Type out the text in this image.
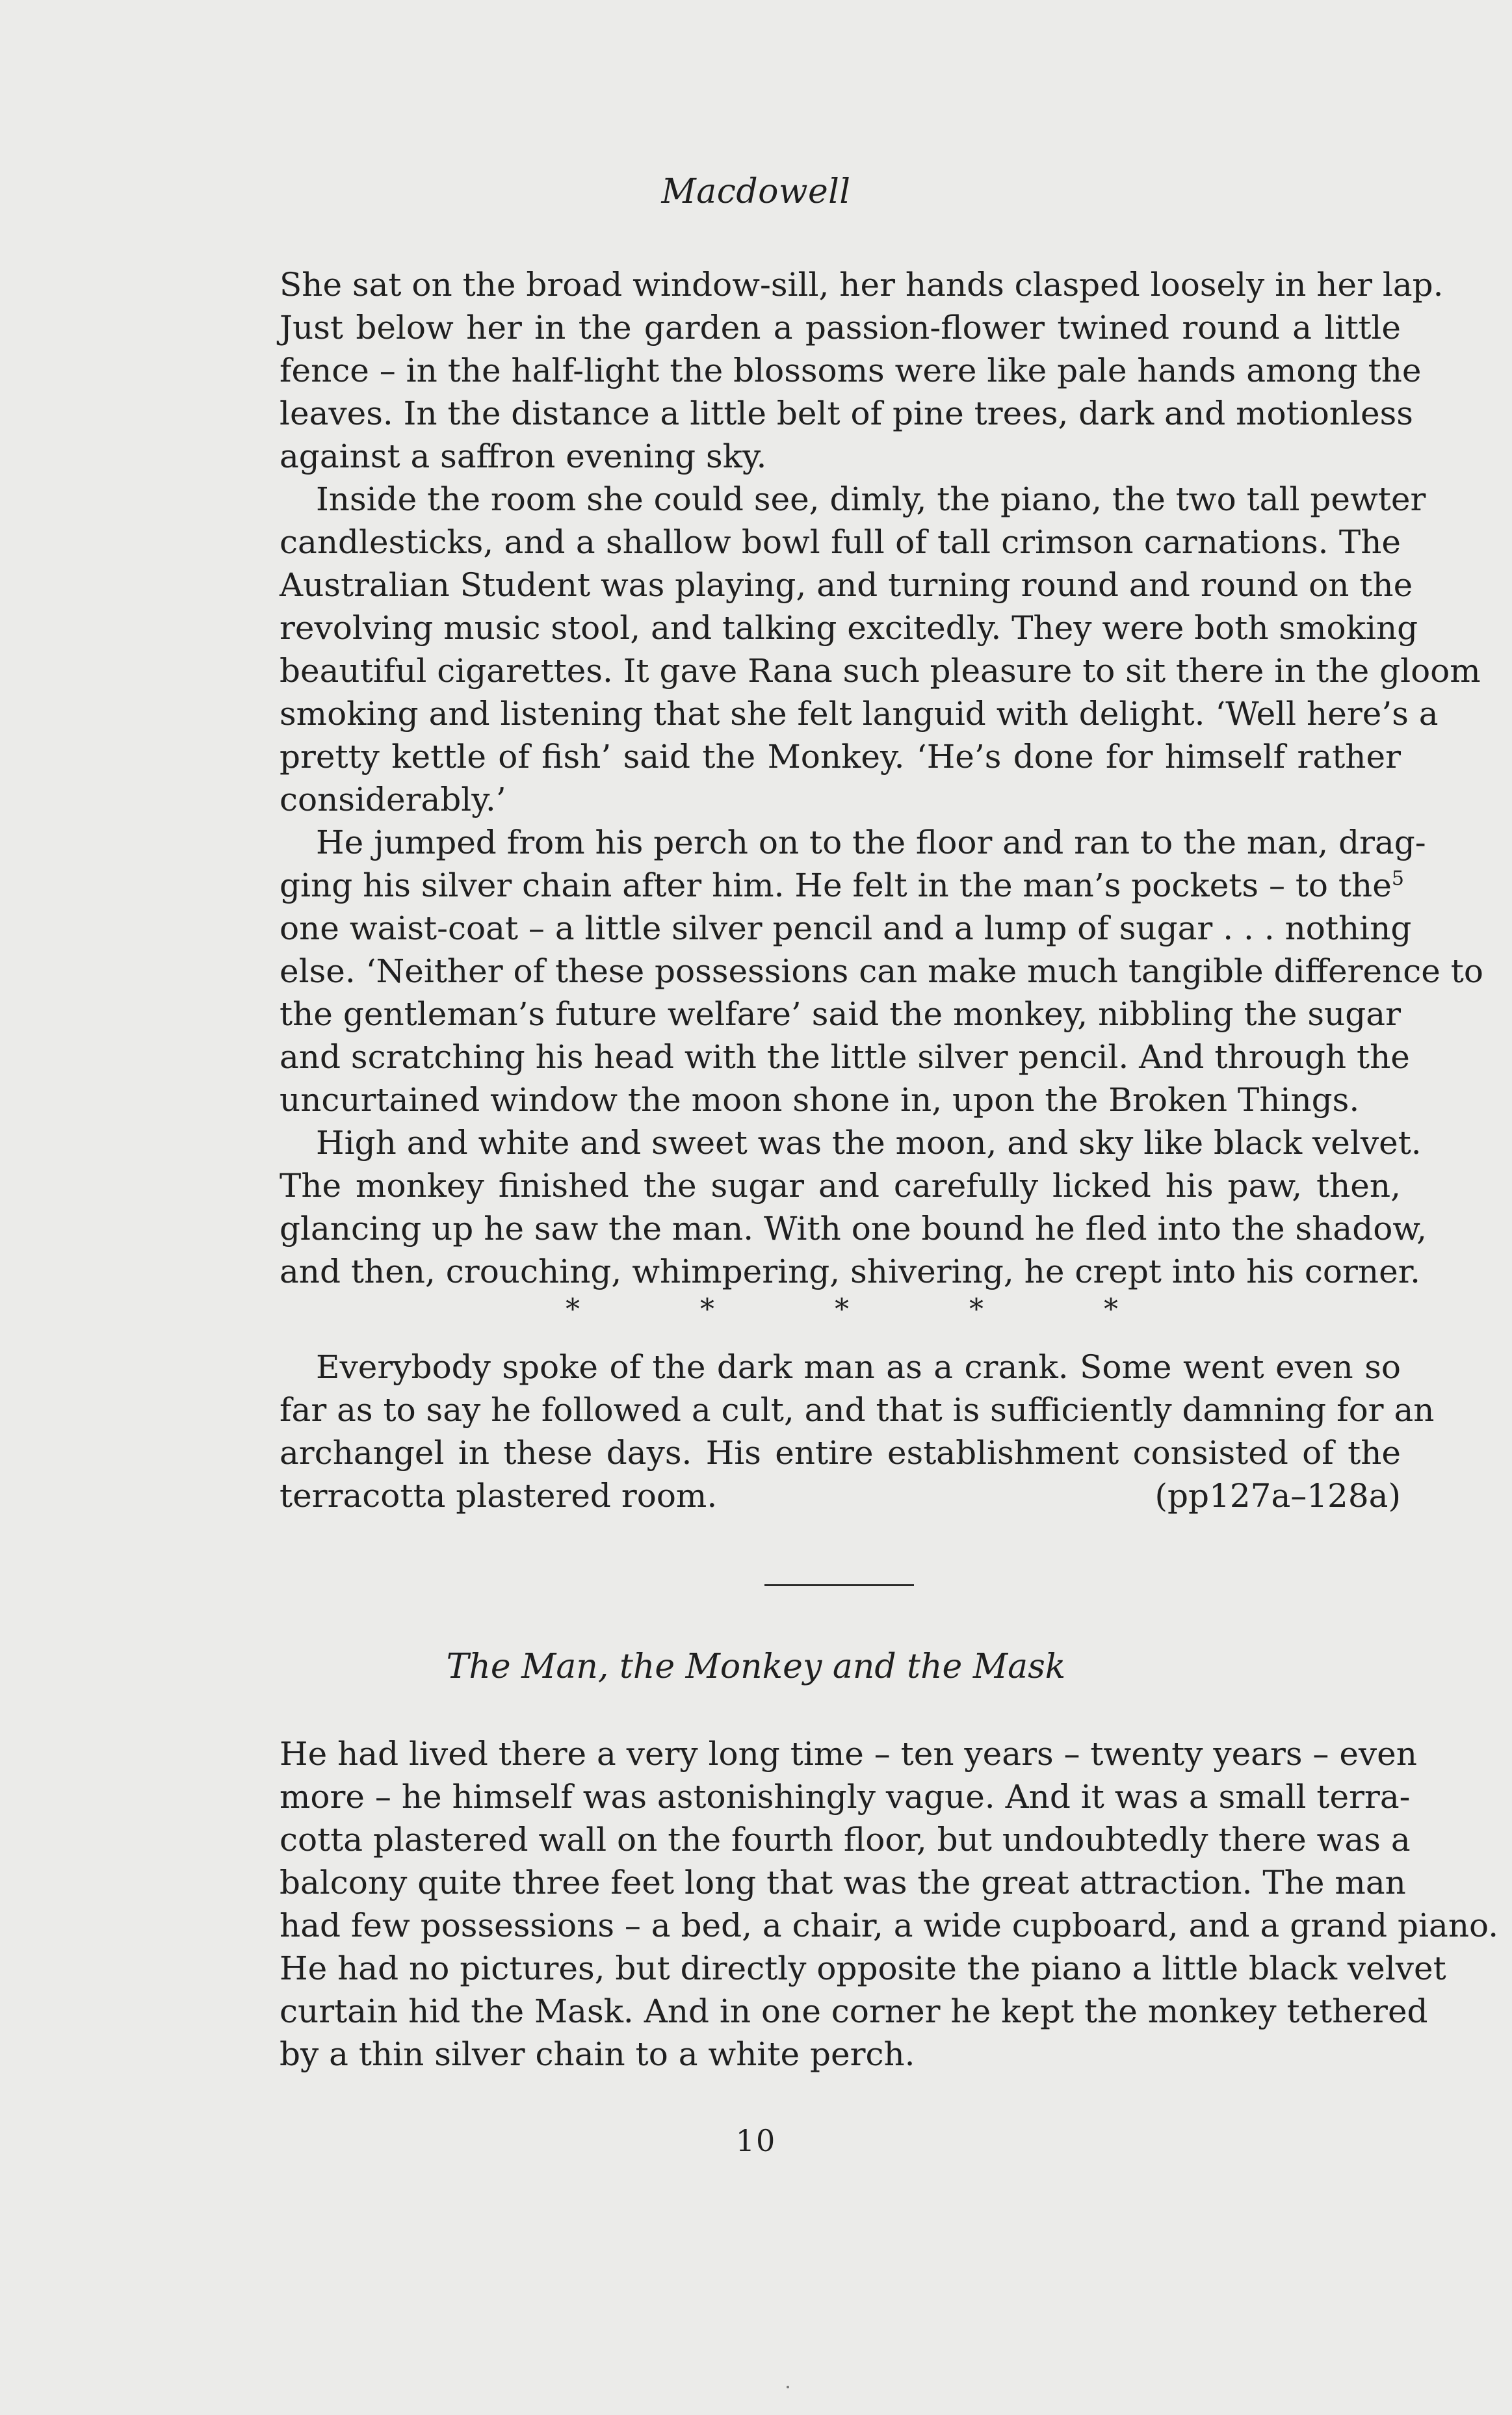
Macdowell
She sat on the broad window-sill, her hands clasped loosely in her lap.
Just below her in the garden a passion-flower twined round a little
fence – in the half-light the blossoms were like pale hands among the
leaves. In the distance a little belt of pine trees, dark and motionless
against a saffron evening sky.
Inside the room she could see, dimly, the piano, the two tall pewter
candlesticks, and a shallow bowl full of tall crimson carnations. The
Australian Student was playing, and turning round and round on the
revolving music stool, and talking excitedly. They were both smoking
beautiful cigarettes. It gave Rana such pleasure to sit there in the gloom
smoking and listening that she felt languid with delight. ‘Well here’s a
pretty kettle of fish’ said the Monkey. ‘He’s done for himself rather
considerably.’
He jumped from his perch on to the floor and ran to the man, drag-
ging his silver chain after him. He felt in the man’s pockets – to the$^5$
one waist-coat – a little silver pencil and a lump of sugar . . . nothing
else. ‘Neither of these possessions can make much tangible difference to
the gentleman’s future welfare’ said the monkey, nibbling the sugar
and scratching his head with the little silver pencil. And through the
uncurtained window the moon shone in, upon the Broken Things.
High and white and sweet was the moon, and sky like black velvet.
The monkey finished the sugar and carefully licked his paw, then,
glancing up he saw the man. With one bound he fled into the shadow,
and then, crouching, whimpering, shivering, he crept into his corner.
*	*	*	*	*
Everybody spoke of the dark man as a crank. Some went even so
far as to say he followed a cult, and that is sufficiently damning for an
archangel in these days. His entire establishment consisted of the
terracotta plastered room.	(pp127a–128a)
The Man, the Monkey and the Mask
He had lived there a very long time – ten years – twenty years – even
more – he himself was astonishingly vague. And it was a small terra-
cotta plastered wall on the fourth floor, but undoubtedly there was a
balcony quite three feet long that was the great attraction. The man
had few possessions – a bed, a chair, a wide cupboard, and a grand piano.
He had no pictures, but directly opposite the piano a little black velvet
curtain hid the Mask. And in one corner he kept the monkey tethered
by a thin silver chain to a white perch.
10
